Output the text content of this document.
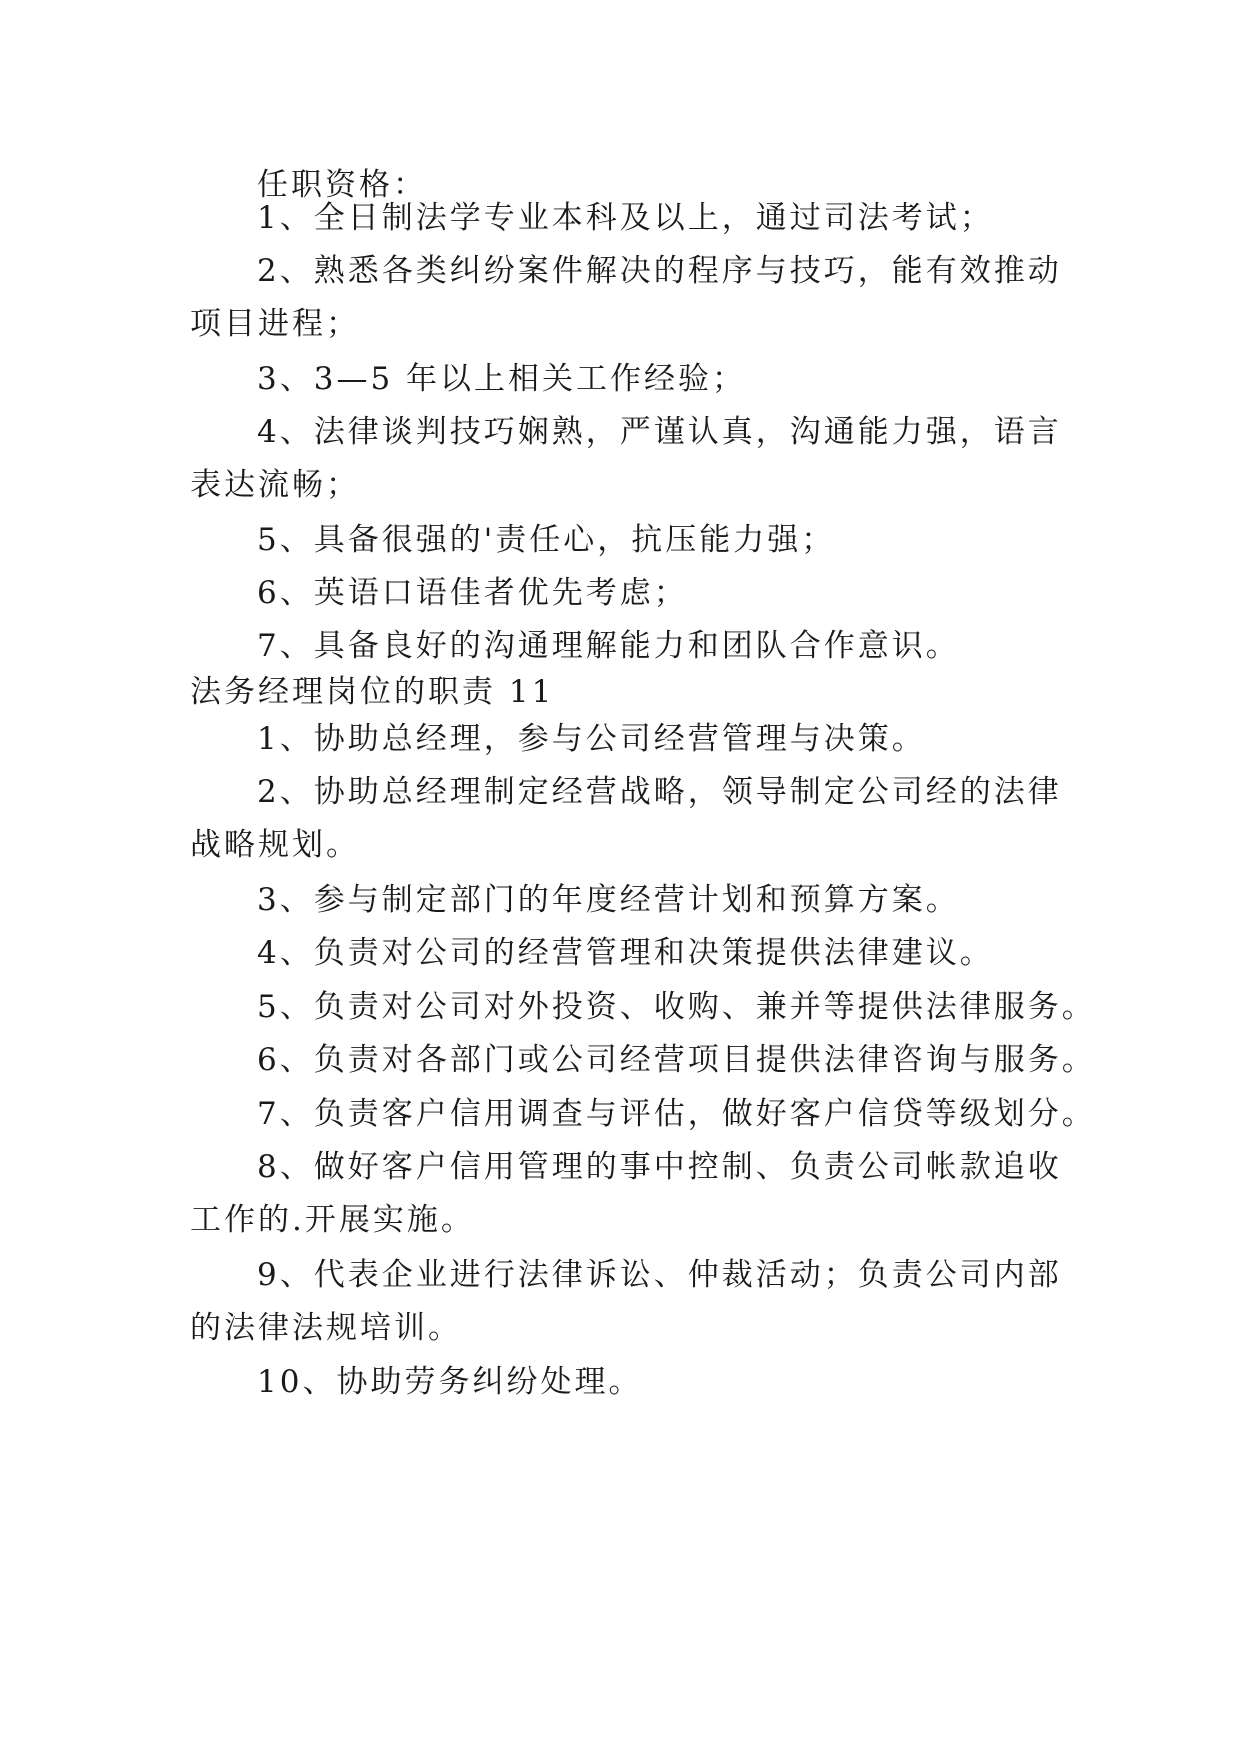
任职资格：
1、全日制法学专业本科及以上，通过司法考试；
2、熟悉各类纠纷案件解决的程序与技巧，能有效推动
项目进程；
3、3—5 年以上相关工作经验；
4、法律谈判技巧娴熟，严谨认真，沟通能力强，语言
表达流畅；
5、具备很强的'责任心，抗压能力强；
6、英语口语佳者优先考虑；
7、具备良好的沟通理解能力和团队合作意识。
法务经理岗位的职责 11
1、协助总经理，参与公司经营管理与决策。
2、协助总经理制定经营战略，领导制定公司经的法律
战略规划。
3、参与制定部门的年度经营计划和预算方案。
4、负责对公司的经营管理和决策提供法律建议。
5、负责对公司对外投资、收购、兼并等提供法律服务。
6、负责对各部门或公司经营项目提供法律咨询与服务。
7、负责客户信用调查与评估，做好客户信贷等级划分。
8、做好客户信用管理的事中控制、负责公司帐款追收
工作的.开展实施。
9、代表企业进行法律诉讼、仲裁活动；负责公司内部
的法律法规培训。
10、协助劳务纠纷处理。
